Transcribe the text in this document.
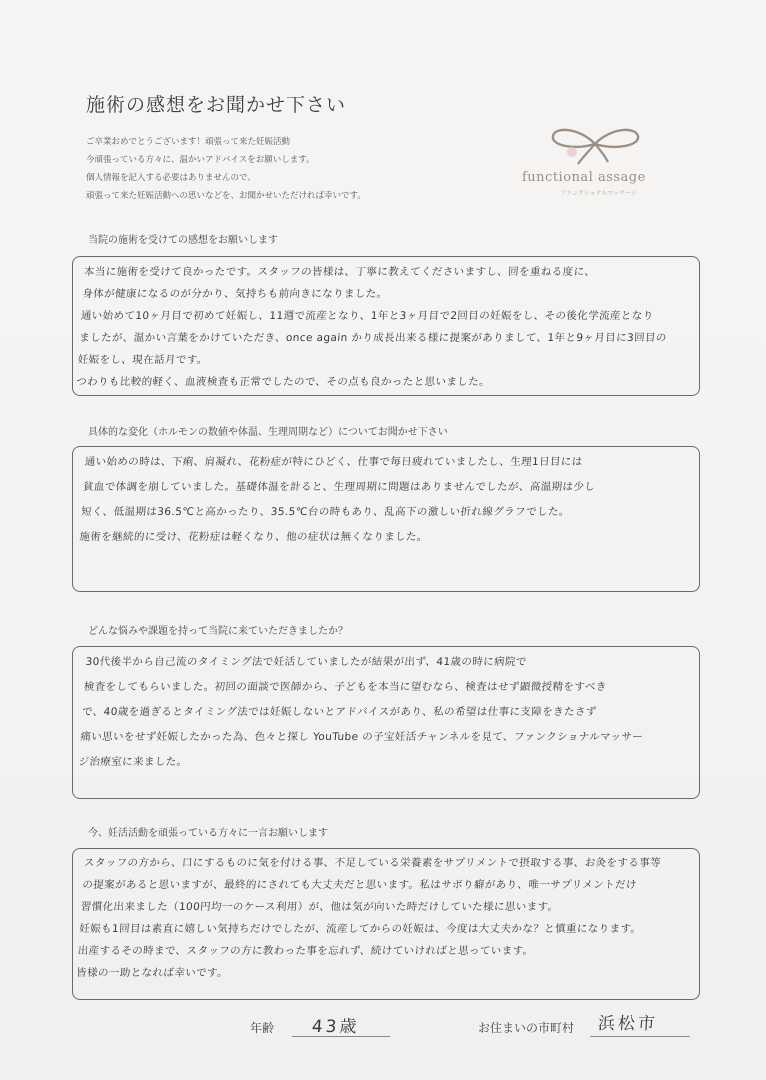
施術の感想をお聞かせ下さい
ご卒業おめでとうございます！頑張って来た妊娠活動
今頑張っている方々に、温かいアドバイスをお願いします。
個人情報を記入する必要はありませんので、
頑張って来た妊娠活動への思いなどを、お聞かせいただければ幸いです。
functional assage
ファンクショナルマッサージ
当院の施術を受けての感想をお願いします
本当に施術を受けて良かったです。スタッフの皆様は、丁寧に教えてくださいますし、回を重ねる度に、
身体が健康になるのが分かり、気持ちも前向きになりました。
通い始めて10ヶ月目で初めて妊娠し、11週で流産となり、1年と3ヶ月目で2回目の妊娠をし、その後化学流産となり
ましたが、温かい言葉をかけていただき、once again かり成長出来る様に提案がありまして、1年と9ヶ月目に3回目の
妊娠をし、現在話月です。
つわりも比較的軽く、血液検査も正常でしたので、その点も良かったと思いました。
具体的な変化（ホルモンの数値や体温、生理周期など）についてお聞かせ下さい
通い始めの時は、下痢、肩凝れ、花粉症が特にひどく、仕事で毎日疲れていましたし、生理1日目には
貧血で体調を崩していました。基礎体温を計ると、生理周期に問題はありませんでしたが、高温期は少し
短く、低温期は36.5℃と高かったり、35.5℃台の時もあり、乱高下の激しい折れ線グラフでした。
施術を継続的に受け、花粉症は軽くなり、他の症状は無くなりました。
どんな悩みや課題を持って当院に来ていただきましたか？
30代後半から自己流のタイミング法で妊活していましたが結果が出ず、41歳の時に病院で
検査をしてもらいました。初回の面談で医師から、子どもを本当に望むなら、検査はせず顕微授精をすべき
で、40歳を過ぎるとタイミング法では妊娠しないとアドバイスがあり、私の希望は仕事に支障をきたさず
痛い思いをせず妊娠したかった為、色々と探し YouTube の子宝妊活チャンネルを見て、ファンクショナルマッサー
ジ治療室に来ました。
今、妊活活動を頑張っている方々に一言お願いします
スタッフの方から、口にするものに気を付ける事、不足している栄養素をサプリメントで摂取する事、お灸をする事等
の提案があると思いますが、最終的にされても大丈夫だと思います。私はサボり癖があり、唯一サプリメントだけ
習慣化出来ました（100円均一のケース利用）が、他は気が向いた時だけしていた様に思います。
妊娠も1回目は素直に嬉しい気持ちだけでしたが、流産してからの妊娠は、今度は大丈夫かな？と慎重になります。
出産するその時まで、スタッフの方に教わった事を忘れず、続けていければと思っています。
皆様の一助となれば幸いです。
年齢 43歳	お住まいの市町村 浜松市
